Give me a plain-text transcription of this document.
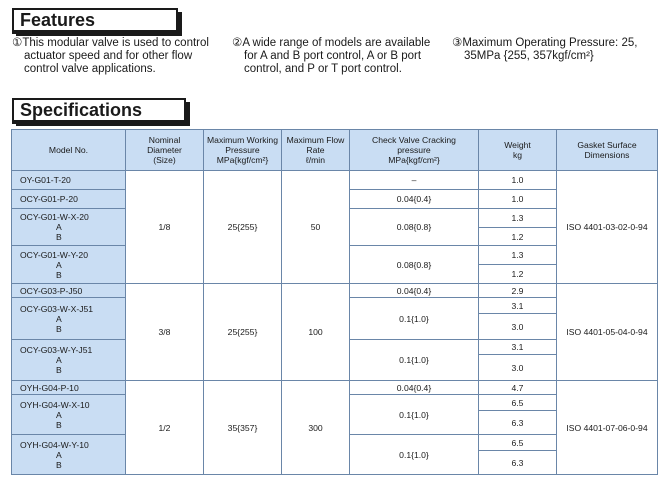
Features
①This modular valve is used to control
actuator speed and for other flow
control valve applications.
②A wide range of models are available
for A and B port control, A or B port
control, and P or T port control.
③Maximum Operating Pressure: 25,
35MPa {255, 357kgf/cm²}
Specifications
Model No.	Nominal
Diameter
(Size)	Maximum Working
Pressure
MPa{kgf/cm²}	Maximum Flow
Rate
ℓ/min	Check Valve Cracking
pressure
MPa{kgf/cm²}	Weight
kg	Gasket Surface
Dimensions
OY-G01-T-20	1/8	25{255}	50	–	1.0	ISO 4401-03-02-0-94
OCY-G01-P-20				0.04{0.4}	1.0	
OCY-G01-W-X-20
A
B				0.08{0.8}	1.3	
					1.2	
OCY-G01-W-Y-20
A
B				0.08{0.8}	1.3	
					1.2	
OCY-G03-P-J50	3/8	25{255}	100	0.04{0.4}	2.9	ISO 4401-05-04-0-94
OCY-G03-W-X-J51
A
B				0.1{1.0}	3.1	
					3.0	
OCY-G03-W-Y-J51
A
B				0.1{1.0}	3.1	
					3.0	
OYH-G04-P-10	1/2	35{357}	300	0.04{0.4}	4.7	ISO 4401-07-06-0-94
OYH-G04-W-X-10
A
B				0.1{1.0}	6.5	
					6.3	
OYH-G04-W-Y-10
A
B				0.1{1.0}	6.5	
					6.3	
